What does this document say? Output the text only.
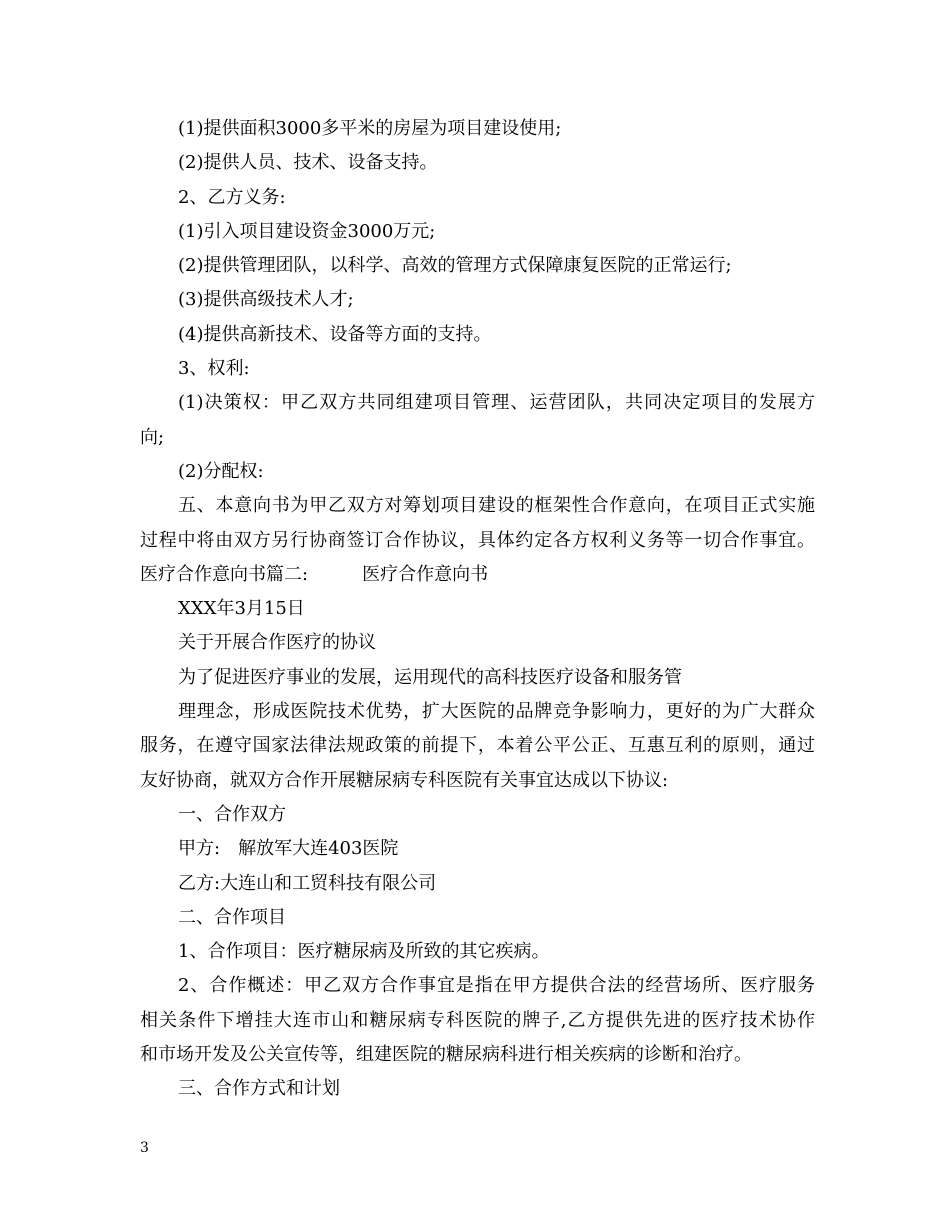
(1)提供面积3000多平米的房屋为项目建设使用;
(2)提供人员、技术、设备支持。
2、乙方义务:
(1)引入项目建设资金3000万元;
(2)提供管理团队，以科学、高效的管理方式保障康复医院的正常运行;
(3)提供高级技术人才;
(4)提供高新技术、设备等方面的支持。
3、权利:
(1)决策权：甲乙双方共同组建项目管理、运营团队，共同决定项目的发展方
向;
(2)分配权:
五、本意向书为甲乙双方对筹划项目建设的框架性合作意向，在项目正式实施
过程中将由双方另行协商签订合作协议，具体约定各方权利义务等一切合作事宜。
医疗合作意向书篇二:　　　医疗合作意向书
XXX年3月15日
关于开展合作医疗的协议
为了促进医疗事业的发展，运用现代的高科技医疗设备和服务管
理理念，形成医院技术优势，扩大医院的品牌竞争影响力，更好的为广大群众
服务，在遵守国家法律法规政策的前提下，本着公平公正、互惠互利的原则，通过
友好协商，就双方合作开展糖尿病专科医院有关事宜达成以下协议:
一、合作双方
甲方:　解放军大连403医院
乙方:大连山和工贸科技有限公司
二、合作项目
1、合作项目：医疗糖尿病及所致的其它疾病。
2、合作概述：甲乙双方合作事宜是指在甲方提供合法的经营场所、医疗服务
相关条件下增挂大连市山和糖尿病专科医院的牌子,乙方提供先进的医疗技术协作
和市场开发及公关宣传等，组建医院的糖尿病科进行相关疾病的诊断和治疗。
三、合作方式和计划
3
